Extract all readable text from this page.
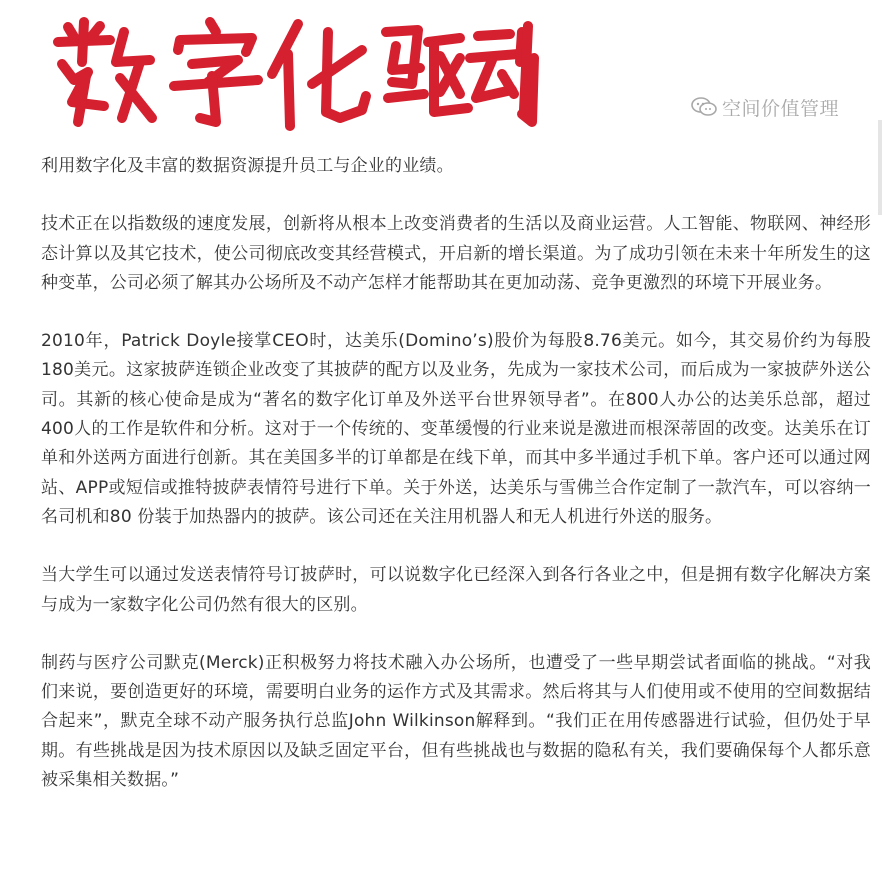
空间价值管理

利用数字化及丰富的数据资源提升员工与企业的业绩。

技术正在以指数级的速度发展，创新将从根本上改变消费者的生活以及商业运营。人工智能、物联网、神经形态计算以及其它技术，使公司彻底改变其经营模式，开启新的增长渠道。为了成功引领在未来十年所发生的这种变革，公司必须了解其办公场所及不动产怎样才能帮助其在更加动荡、竞争更激烈的环境下开展业务。

2010年，Patrick Doyle接掌CEO时，达美乐(Domino’s)股价为每股8.76美元。如今，其交易价约为每股180美元。这家披萨连锁企业改变了其披萨的配方以及业务，先成为一家技术公司，而后成为一家披萨外送公司。其新的核心使命是成为“著名的数字化订单及外送平台世界领导者”。在800人办公的达美乐总部，超过400人的工作是软件和分析。这对于一个传统的、变革缓慢的行业来说是激进而根深蒂固的改变。达美乐在订单和外送两方面进行创新。其在美国多半的订单都是在线下单，而其中多半通过手机下单。客户还可以通过网站、APP或短信或推特披萨表情符号进行下单。关于外送，达美乐与雪佛兰合作定制了一款汽车，可以容纳一名司机和80 份装于加热器内的披萨。该公司还在关注用机器人和无人机进行外送的服务。

当大学生可以通过发送表情符号订披萨时，可以说数字化已经深入到各行各业之中，但是拥有数字化解决方案与成为一家数字化公司仍然有很大的区别。

制药与医疗公司默克(Merck)正积极努力将技术融入办公场所，也遭受了一些早期尝试者面临的挑战。“对我们来说，要创造更好的环境，需要明白业务的运作方式及其需求。然后将其与人们使用或不使用的空间数据结合起来”，默克全球不动产服务执行总监John Wilkinson解释到。“我们正在用传感器进行试验，但仍处于早期。有些挑战是因为技术原因以及缺乏固定平台，但有些挑战也与数据的隐私有关，我们要确保每个人都乐意被采集相关数据。”
